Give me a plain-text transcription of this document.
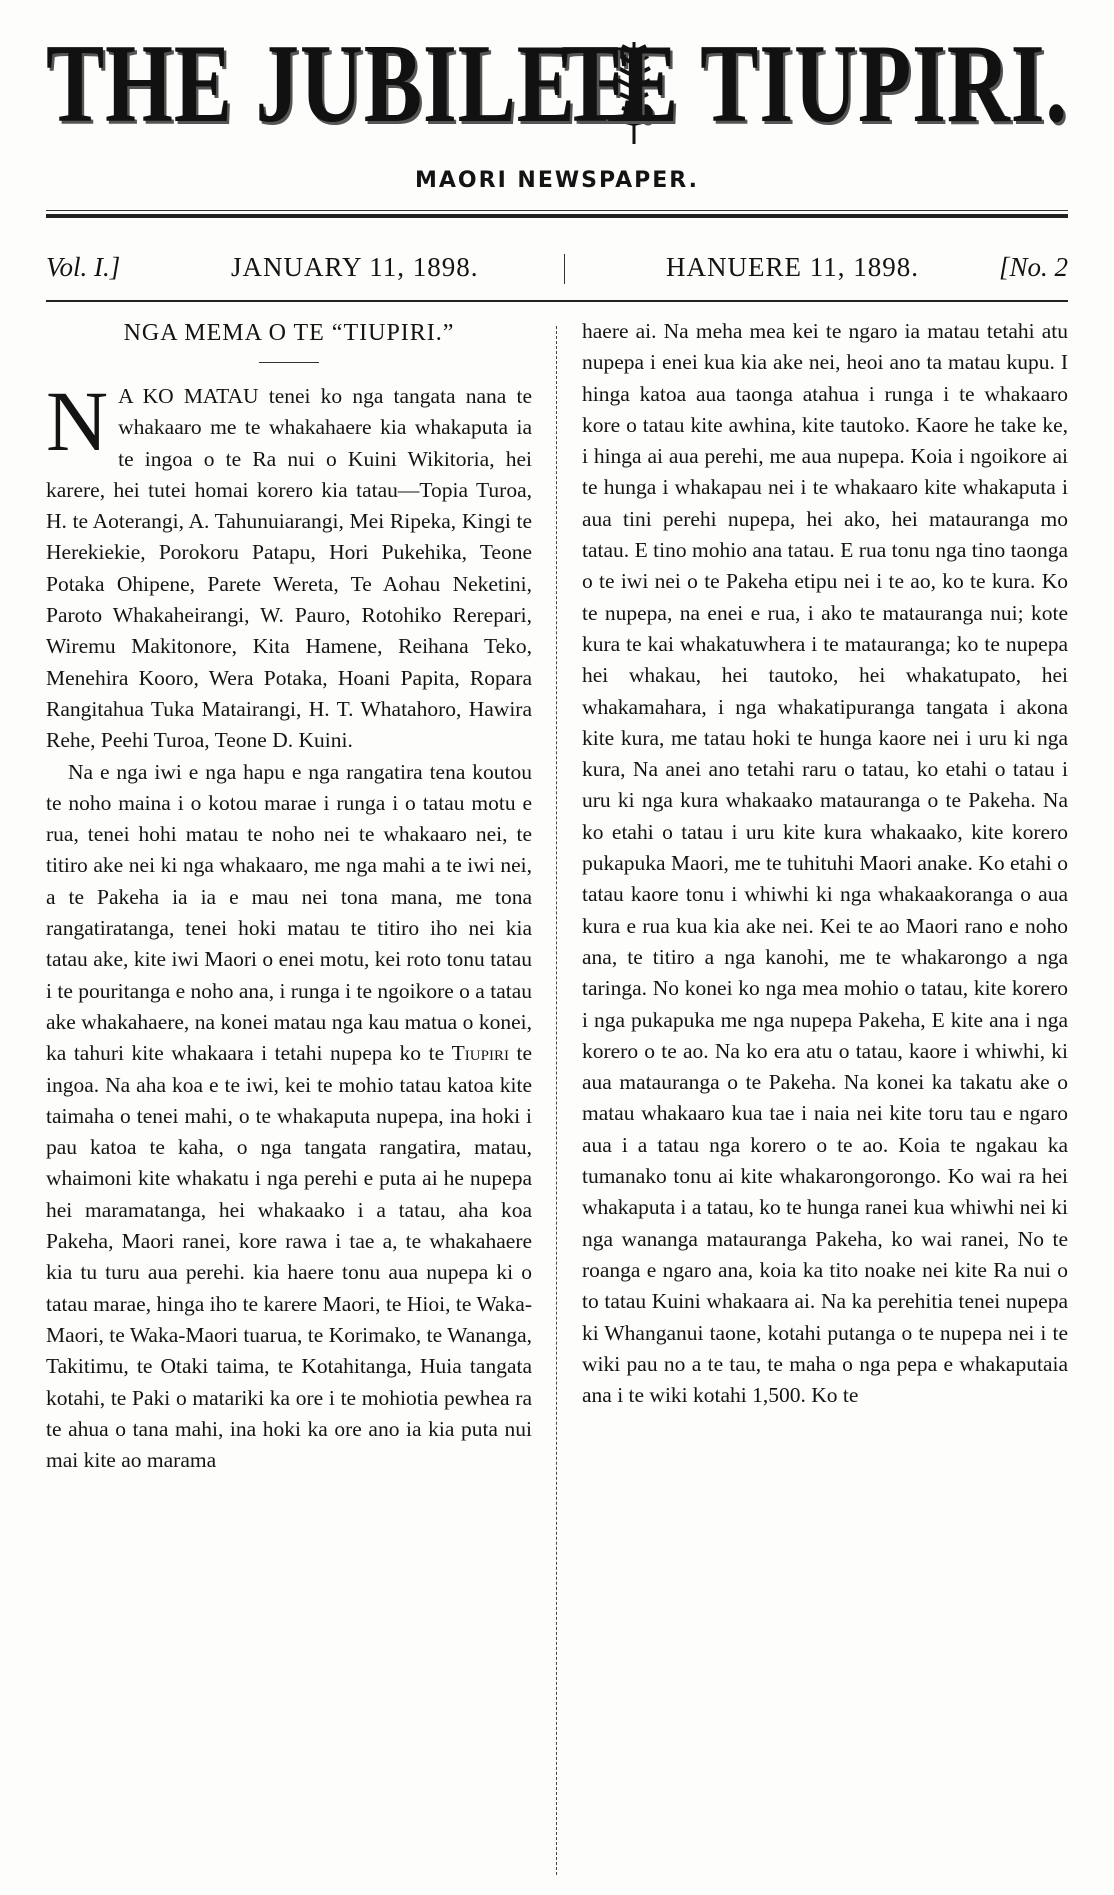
THE JUBILEE.
TE TIUPIRI.
MAORI NEWSPAPER.
Vol. I.]	JANUARY 11, 1898.	HANUERE 11, 1898.	[No. 2
NGA MEMA O TE “TIUPIRI.”

N A KO MATAU tenei ko nga tangata nana te whakaaro me te whakahaere kia whakaputa ia te ingoa o te Ra nui o Kuini Wikitoria, hei karere, hei tutei homai korero kia tatau—Topia Turoa, H. te Aoterangi, A. Tahunuiarangi, Mei Ripeka, Kingi te Herekiekie, Porokoru Patapu, Hori Pukehika, Teone Potaka Ohipene, Parete Wereta, Te Aohau Neketini, Paroto Whakaheirangi, W. Pauro, Rotohiko Rerepari, Wiremu Makitonore, Kita Hamene, Reihana Teko, Menehira Kooro, Wera Potaka, Hoani Papita, Ropara Rangitahua Tuka Matairangi, H. T. Whatahoro, Hawira Rehe, Peehi Turoa, Teone D. Kuini.

Na e nga iwi e nga hapu e nga rangatira tena koutou te noho maina i o kotou marae i runga i o tatau motu e rua, tenei hohi matau te noho nei te whakaaro nei, te titiro ake nei ki nga whakaaro, me nga mahi a te iwi nei, a te Pakeha ia ia e mau nei tona mana, me tona rangatiratanga, tenei hoki matau te titiro iho nei kia tatau ake, kite iwi Maori o enei motu, kei roto tonu tatau i te pouritanga e noho ana, i runga i te ngoikore o a tatau ake whakahaere, na konei matau nga kau matua o konei, ka tahuri kite whakaara i tetahi nupepa ko te Tiupiri te ingoa. Na aha koa e te iwi, kei te mohio tatau katoa kite taimaha o tenei mahi, o te whakaputa nupepa, ina hoki i pau katoa te kaha, o nga tangata rangatira, matau, whaimoni kite whakatu i nga perehi e puta ai he nupepa hei maramatanga, hei whakaako i a tatau, aha koa Pakeha, Maori ranei, kore rawa i tae a, te whakahaere kia tu turu aua perehi. kia haere tonu aua nupepa ki o tatau marae, hinga iho te karere Maori, te Hioi, te Waka-Maori, te Waka-Maori tuarua, te Korimako, te Wananga, Takitimu, te Otaki taima, te Kotahitanga, Huia tangata kotahi, te Paki o matariki ka ore i te mohiotia pewhea ra te ahua o tana mahi, ina hoki ka ore ano ia kia puta nui mai kite ao marama

haere ai. Na meha mea kei te ngaro ia matau tetahi atu nupepa i enei kua kia ake nei, heoi ano ta matau kupu. I hinga katoa aua taonga atahua i runga i te whakaaro kore o tatau kite awhina, kite tautoko. Kaore he take ke, i hinga ai aua perehi, me aua nupepa. Koia i ngoikore ai te hunga i whakapau nei i te whakaaro kite whakaputa i aua tini perehi nupepa, hei ako, hei matauranga mo tatau. E tino mohio ana tatau. E rua tonu nga tino taonga o te iwi nei o te Pakeha etipu nei i te ao, ko te kura. Ko te nupepa, na enei e rua, i ako te matauranga nui; kote kura te kai whakatuwhera i te matauranga; ko te nupepa hei whakau, hei tautoko, hei whakatupato, hei whakamahara, i nga whakatipuranga tangata i akona kite kura, me tatau hoki te hunga kaore nei i uru ki nga kura, Na anei ano tetahi raru o tatau, ko etahi o tatau i uru ki nga kura whakaako matauranga o te Pakeha. Na ko etahi o tatau i uru kite kura whakaako, kite korero pukapuka Maori, me te tuhituhi Maori anake. Ko etahi o tatau kaore tonu i whiwhi ki nga whakaakoranga o aua kura e rua kua kia ake nei. Kei te ao Maori rano e noho ana, te titiro a nga kanohi, me te whakarongo a nga taringa. No konei ko nga mea mohio o tatau, kite korero i nga pukapuka me nga nupepa Pakeha, E kite ana i nga korero o te ao. Na ko era atu o tatau, kaore i whiwhi, ki aua matauranga o te Pakeha. Na konei ka takatu ake o matau whakaaro kua tae i naia nei kite toru tau e ngaro aua i a tatau nga korero o te ao. Koia te ngakau ka tumanako tonu ai kite whakarongorongo. Ko wai ra hei whakaputa i a tatau, ko te hunga ranei kua whiwhi nei ki nga wananga matauranga Pakeha, ko wai ranei, No te roanga e ngaro ana, koia ka tito noake nei kite Ra nui o to tatau Kuini whakaara ai. Na ka perehitia tenei nupepa ki Whanganui taone, kotahi putanga o te nupepa nei i te wiki pau no a te tau, te maha o nga pepa e whakaputaia ana i te wiki kotahi 1,500. Ko te
